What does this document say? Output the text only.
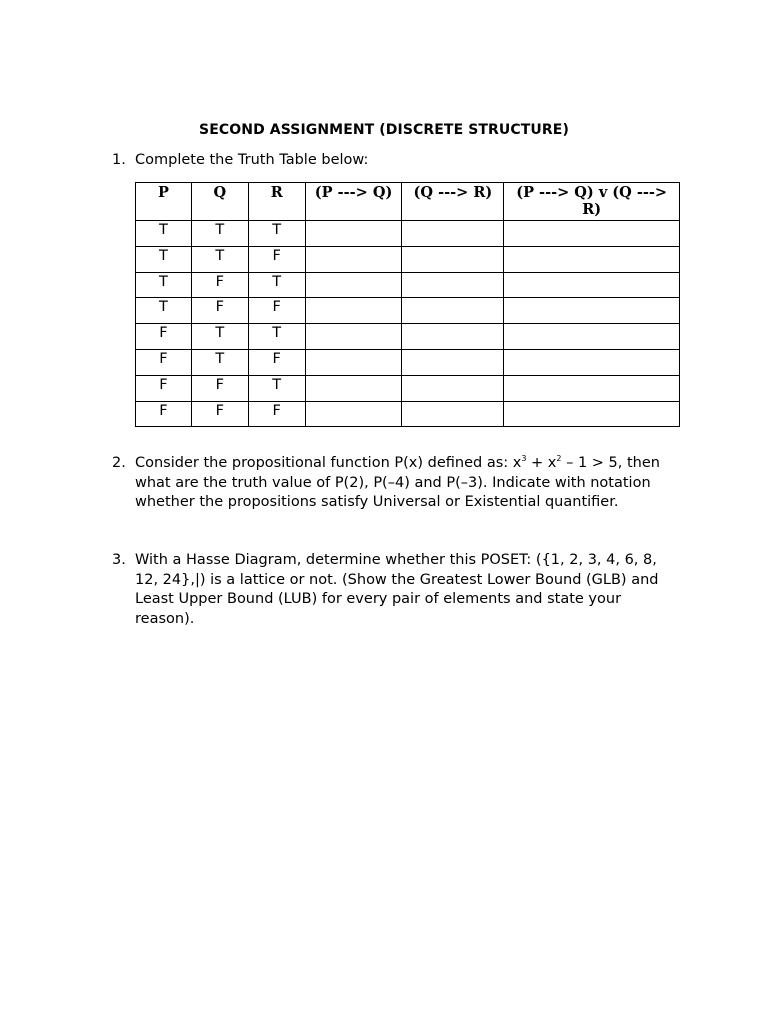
SECOND ASSIGNMENT (DISCRETE STRUCTURE)
1. Complete the Truth Table below:
P	Q	R	(P ---> Q)	(Q ---> R)	(P ---> Q) v (Q ---> R)
T	T	T			
T	T	F			
T	F	T			
T	F	F			
F	T	T			
F	T	F			
F	F	T			
F	F	F			
2. Consider the propositional function P(x) defined as: $x^3 + x^2 - 1 > 5$, then what are the truth value of P(2), P(–4) and P(–3). Indicate with notation whether the propositions satisfy Universal or Existential quantifier.
3. With a Hasse Diagram, determine whether this POSET: ({1, 2, 3, 4, 6, 8, 12, 24},|) is a lattice or not. (Show the Greatest Lower Bound (GLB) and Least Upper Bound (LUB) for every pair of elements and state your reason).
